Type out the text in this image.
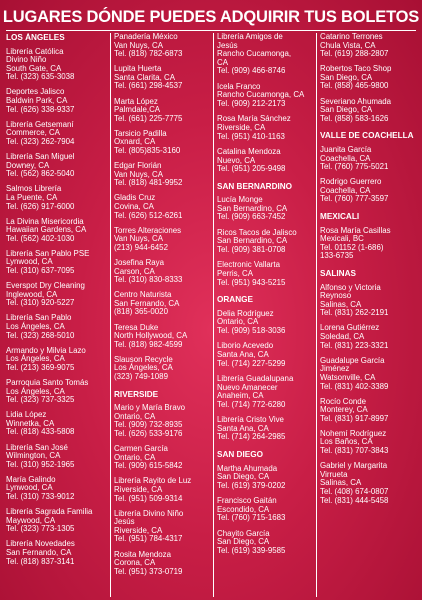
LUGARES DÓNDE PUEDES ADQUIRIR TUS BOLETOS
LOS ÁNGELES
Librería Católica
Divino Niño
South Gate, CA
Tel. (323) 635-3038
Deportes Jalisco
Baldwin Park, CA
Tel. (626) 338-9337
Librería Getsemaní
Commerce, CA
Tel. (323) 262-7904
Librería San Miguel
Downey, CA
Tel. (562) 862-5040
Salmos Librería
La Puente, CA
Tel. (626) 917-6000
La Divina Misericordia
Hawaiian Gardens, CA
Tel. (562) 402-1030
Librería San Pablo PSE
Lynwood, CA
Tel. (310) 637-7095
Everspot Dry Cleaning
Inglewood, CA
Tel. (310) 920-5227
Librería San Pablo
Los Ángeles, CA
Tel. (323) 268-5010
Armando y Milvia Lazo
Los Ángeles, CA
Tel. (213) 369-9075
Parroquia Santo Tomás
Los Ángeles, CA
Tel. (323) 737-3325
Lidia López
Winnetka, CA
Tel. (818) 433-5808
Librería San José
Wilmington, CA
Tel. (310) 952-1965
María Galindo
Lynwood, CA
Tel. (310) 733-9012
Librería Sagrada Familia
Maywood, CA
Tel. (323) 773-1305
Librería Novedades
San Fernando, CA
Tel. (818) 837-3141
Panadería México
Van Nuys, CA
Tel. (818) 782-6873
Lupita Huerta
Santa Clarita, CA
Tel. (661) 298-4537
Marta López
Palmdale,CA
Tel. (661) 225-7775
Tarsicio Padilla
Oxnard, CA
Tel. (805)835-3160
Edgar Florián
Van Nuys, CA
Tel. (818) 481-9952
Gladis Cruz
Covina, CA
Tel. (626) 512-6261
Torres Alteraciones
Van Nuys, CA
(213) 944-6452
Josefina Raya
Carson, CA
Tel. (310) 830-8333
Centro Naturista
San Fernando, CA
(818) 365-0020
Teresa Duke
North Hollywood, CA
Tel. (818) 982-4599
Slauson Recycle
Los Ángeles, CA
(323) 749-1089
RIVERSIDE
Mario y María Bravo
Ontario, CA
Tel. (909) 732-8935
Tel. (626) 533-9176
Carmen García
Ontario, CA
Tel. (909) 615-5842
Librería Rayito de Luz
Riverside, CA
Tel. (951) 509-9314
Librería Divino Niño
Jesús
Riverside, CA
Tel. (951) 784-4317
Rosita Mendoza
Corona, CA
Tel. (951) 373-0719
Librería Amigos de
Jesús
Rancho Cucamonga,
CA
Tel. (909) 466-8746
Icela Franco
Rancho Cucamonga, CA
Tel. (909) 212-2173
Rosa María Sánchez
Riverside, CA
Tel. (951) 410-1163
Catalina Mendoza
Nuevo, CA
Tel. (951) 205-9498
SAN BERNARDINO
Lucía Monge
San Bernardino, CA
Tel. (909) 663-7452
Ricos Tacos de Jalisco
San Bernardino, CA
Tel. (909) 381-0708
Electronic Vallarta
Perris, CA
Tel. (951) 943-5215
ORANGE
Delia Rodríguez
Ontario, CA
Tel. (909) 518-3036
Liborio Acevedo
Santa Ana, CA
Tel. (714) 227-5299
Librería Guadalupana
Nuevo Amanecer
Anaheim, CA
Tel. (714) 772-6280
Librería Cristo Vive
Santa Ana, CA
Tel. (714) 264-2985
SAN DIEGO
Martha Ahumada
San Diego, CA
Tel. (619) 379-0202
Francisco Gaitán
Escondido, CA
Tel. (760) 715-1683
Chayito García
San Diego, CA
Tel. (619) 339-9585
Catarino Terrones
Chula Vista, CA
Tel. (619) 288-2807
Robertos Taco Shop
San Diego, CA
Tel. (858) 465-9800
Severiano Ahumada
San Diego, CA
Tel. (858) 583-1626
VALLE DE COACHELLA
Juanita García
Coachella, CA
Tel. (760) 775-5021
Rodrigo Guerrero
Coachella, CA
Tel. (760) 777-3597
MEXICALI
Rosa María Casillas
Mexicali, BC
Tel. 01152 (1-686)
133-6735
SALINAS
Alfonso y Victoria
Reynoso
Salinas, CA
Tel. (831) 262-2191
Lorena Gutiérrez
Soledad, CA
Tel. (831) 223-3321
Guadalupe García
Jiménez
Watsonville, CA
Tel. (831) 402-3389
Rocío Conde
Monterey, CA
Tel. (831) 917-8997
Nohemí Rodríguez
Los Baños, CA
Tel. (831) 707-3843
Gabriel y Margarita
Virrueta
Salinas, CA
Tel. (408) 674-0807
Tel. (831) 444-5458
